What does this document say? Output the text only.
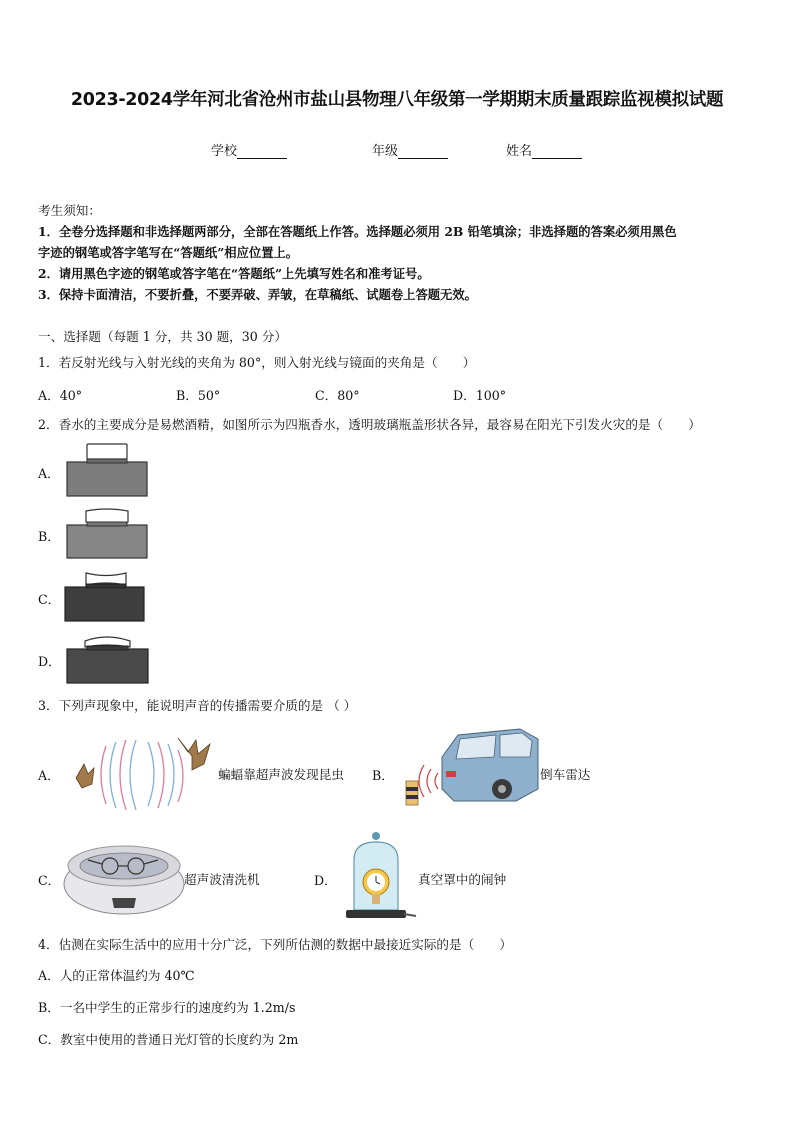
2023-2024学年河北省沧州市盐山县物理八年级第一学期期末质量跟踪监视模拟试题
学校	年级	姓名
考生须知：
1．全卷分选择题和非选择题两部分，全部在答题纸上作答。选择题必须用 2B 铅笔填涂；非选择题的答案必须用黑色
字迹的钢笔或答字笔写在“答题纸”相应位置上。
2．请用黑色字迹的钢笔或答字笔在“答题纸”上先填写姓名和准考证号。
3．保持卡面清洁，不要折叠，不要弄破、弄皱，在草稿纸、试题卷上答题无效。
一、选择题（每题 1 分，共 30 题，30 分）
1．若反射光线与入射光线的夹角为 80°，则入射光线与镜面的夹角是（　　）
A．40°	B．50°	C．80°	D．100°
2．香水的主要成分是易燃酒精，如图所示为四瓶香水，透明玻璃瓶盖形状各异，最容易在阳光下引发火灾的是（　　）
A．
B．
C．
D．
3．下列声现象中，能说明声音的传播需要介质的是 （ ）
A．	蝙蝠靠超声波发现昆虫 B．	倒车雷达
C．	超声波清洗机	D．	真空罩中的闹钟
4．估测在实际生活中的应用十分广泛，下列所估测的数据中最接近实际的是（　　）
A．人的正常体温约为 40℃
B．一名中学生的正常步行的速度约为 1.2m/s
C．教室中使用的普通日光灯管的长度约为 2m
